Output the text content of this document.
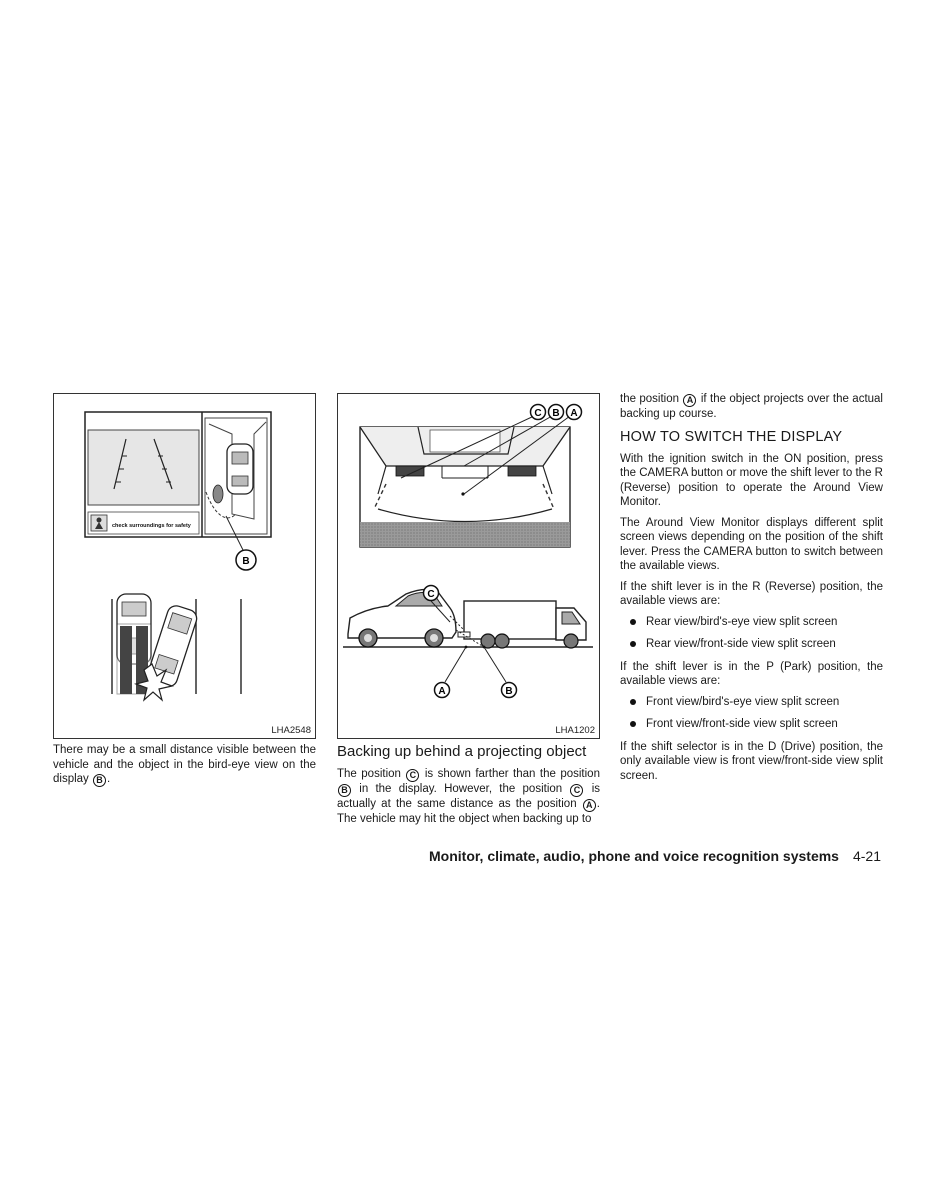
check surroundings for safety
B
LHA2548
C B A
C
A	B
LHA1202

There may be a small distance visible between the vehicle and the object in the bird-eye view on the display B .

Backing up behind a projecting object

The position C is shown farther than the position B in the display. However, the position C is actually at the same distance as the position A . The vehicle may hit the object when backing up to

the position A if the object projects over the actual backing up course.

HOW TO SWITCH THE DISPLAY

With the ignition switch in the ON position, press the CAMERA button or move the shift lever to the R (Reverse) position to operate the Around View Monitor.

The Around View Monitor displays different split screen views depending on the position of the shift lever. Press the CAMERA button to switch between the available views.

If the shift lever is in the R (Reverse) position, the available views are:

Rear view/bird's-eye view split screen
Rear view/front-side view split screen

If the shift lever is in the P (Park) position, the available views are:

Front view/bird's-eye view split screen
Front view/front-side view split screen

If the shift selector is in the D (Drive) position, the only available view is front view/front-side view split screen.

Monitor, climate, audio, phone and voice recognition systems 4-21
